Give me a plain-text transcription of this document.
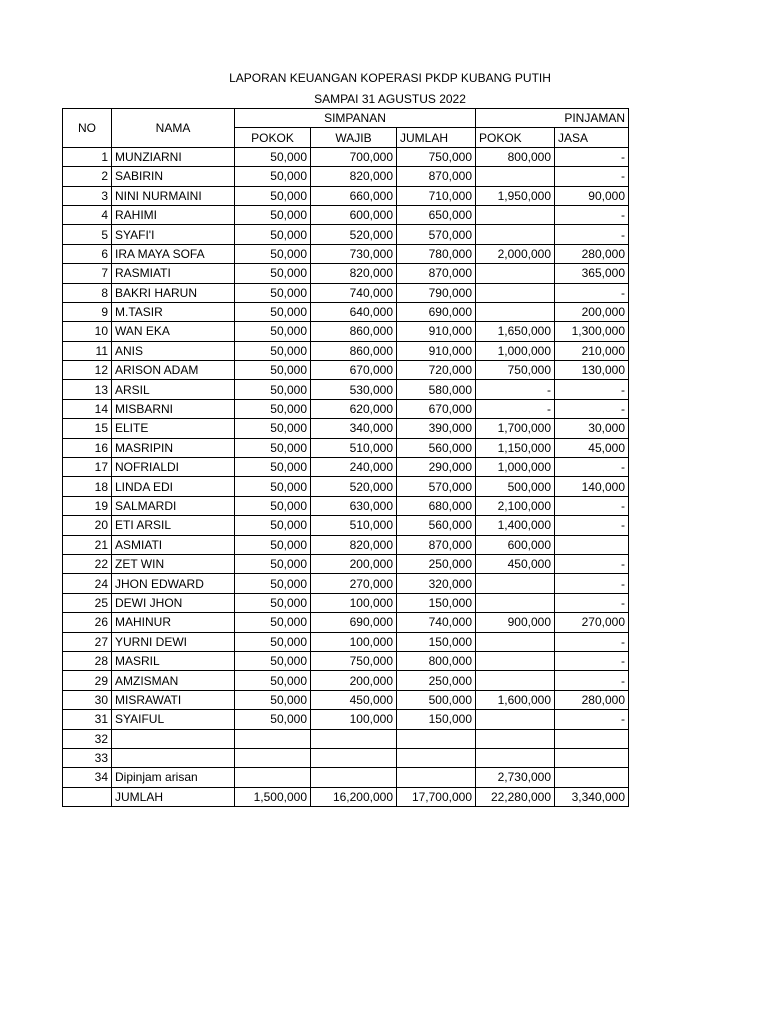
LAPORAN KEUANGAN KOPERASI PKDP KUBANG PUTIH
SAMPAI 31 AGUSTUS 2022
NO	NAMA	SIMPANAN			PINJAMAN	
		POKOK	WAJIB	JUMLAH	POKOK	JASA
1	MUNZIARNI	50,000	700,000	750,000	800,000	-
2	SABIRIN	50,000	820,000	870,000		-
3	NINI NURMAINI	50,000	660,000	710,000	1,950,000	90,000
4	RAHIMI	50,000	600,000	650,000		-
5	SYAFI'I	50,000	520,000	570,000		-
6	IRA MAYA SOFA	50,000	730,000	780,000	2,000,000	280,000
7	RASMIATI	50,000	820,000	870,000		365,000
8	BAKRI HARUN	50,000	740,000	790,000		-
9	M.TASIR	50,000	640,000	690,000		200,000
10	WAN EKA	50,000	860,000	910,000	1,650,000	1,300,000
11	ANIS	50,000	860,000	910,000	1,000,000	210,000
12	ARISON ADAM	50,000	670,000	720,000	750,000	130,000
13	ARSIL	50,000	530,000	580,000	-	-
14	MISBARNI	50,000	620,000	670,000	-	-
15	ELITE	50,000	340,000	390,000	1,700,000	30,000
16	MASRIPIN	50,000	510,000	560,000	1,150,000	45,000
17	NOFRIALDI	50,000	240,000	290,000	1,000,000	-
18	LINDA EDI	50,000	520,000	570,000	500,000	140,000
19	SALMARDI	50,000	630,000	680,000	2,100,000	-
20	ETI ARSIL	50,000	510,000	560,000	1,400,000	-
21	ASMIATI	50,000	820,000	870,000	600,000	
22	ZET WIN	50,000	200,000	250,000	450,000	-
24	JHON EDWARD	50,000	270,000	320,000		-
25	DEWI JHON	50,000	100,000	150,000		-
26	MAHINUR	50,000	690,000	740,000	900,000	270,000
27	YURNI DEWI	50,000	100,000	150,000		-
28	MASRIL	50,000	750,000	800,000		-
29	AMZISMAN	50,000	200,000	250,000		-
30	MISRAWATI	50,000	450,000	500,000	1,600,000	280,000
31	SYAIFUL	50,000	100,000	150,000		-
32						
33						
34	Dipinjam arisan				2,730,000	
	JUMLAH	1,500,000	16,200,000	17,700,000	22,280,000	3,340,000
